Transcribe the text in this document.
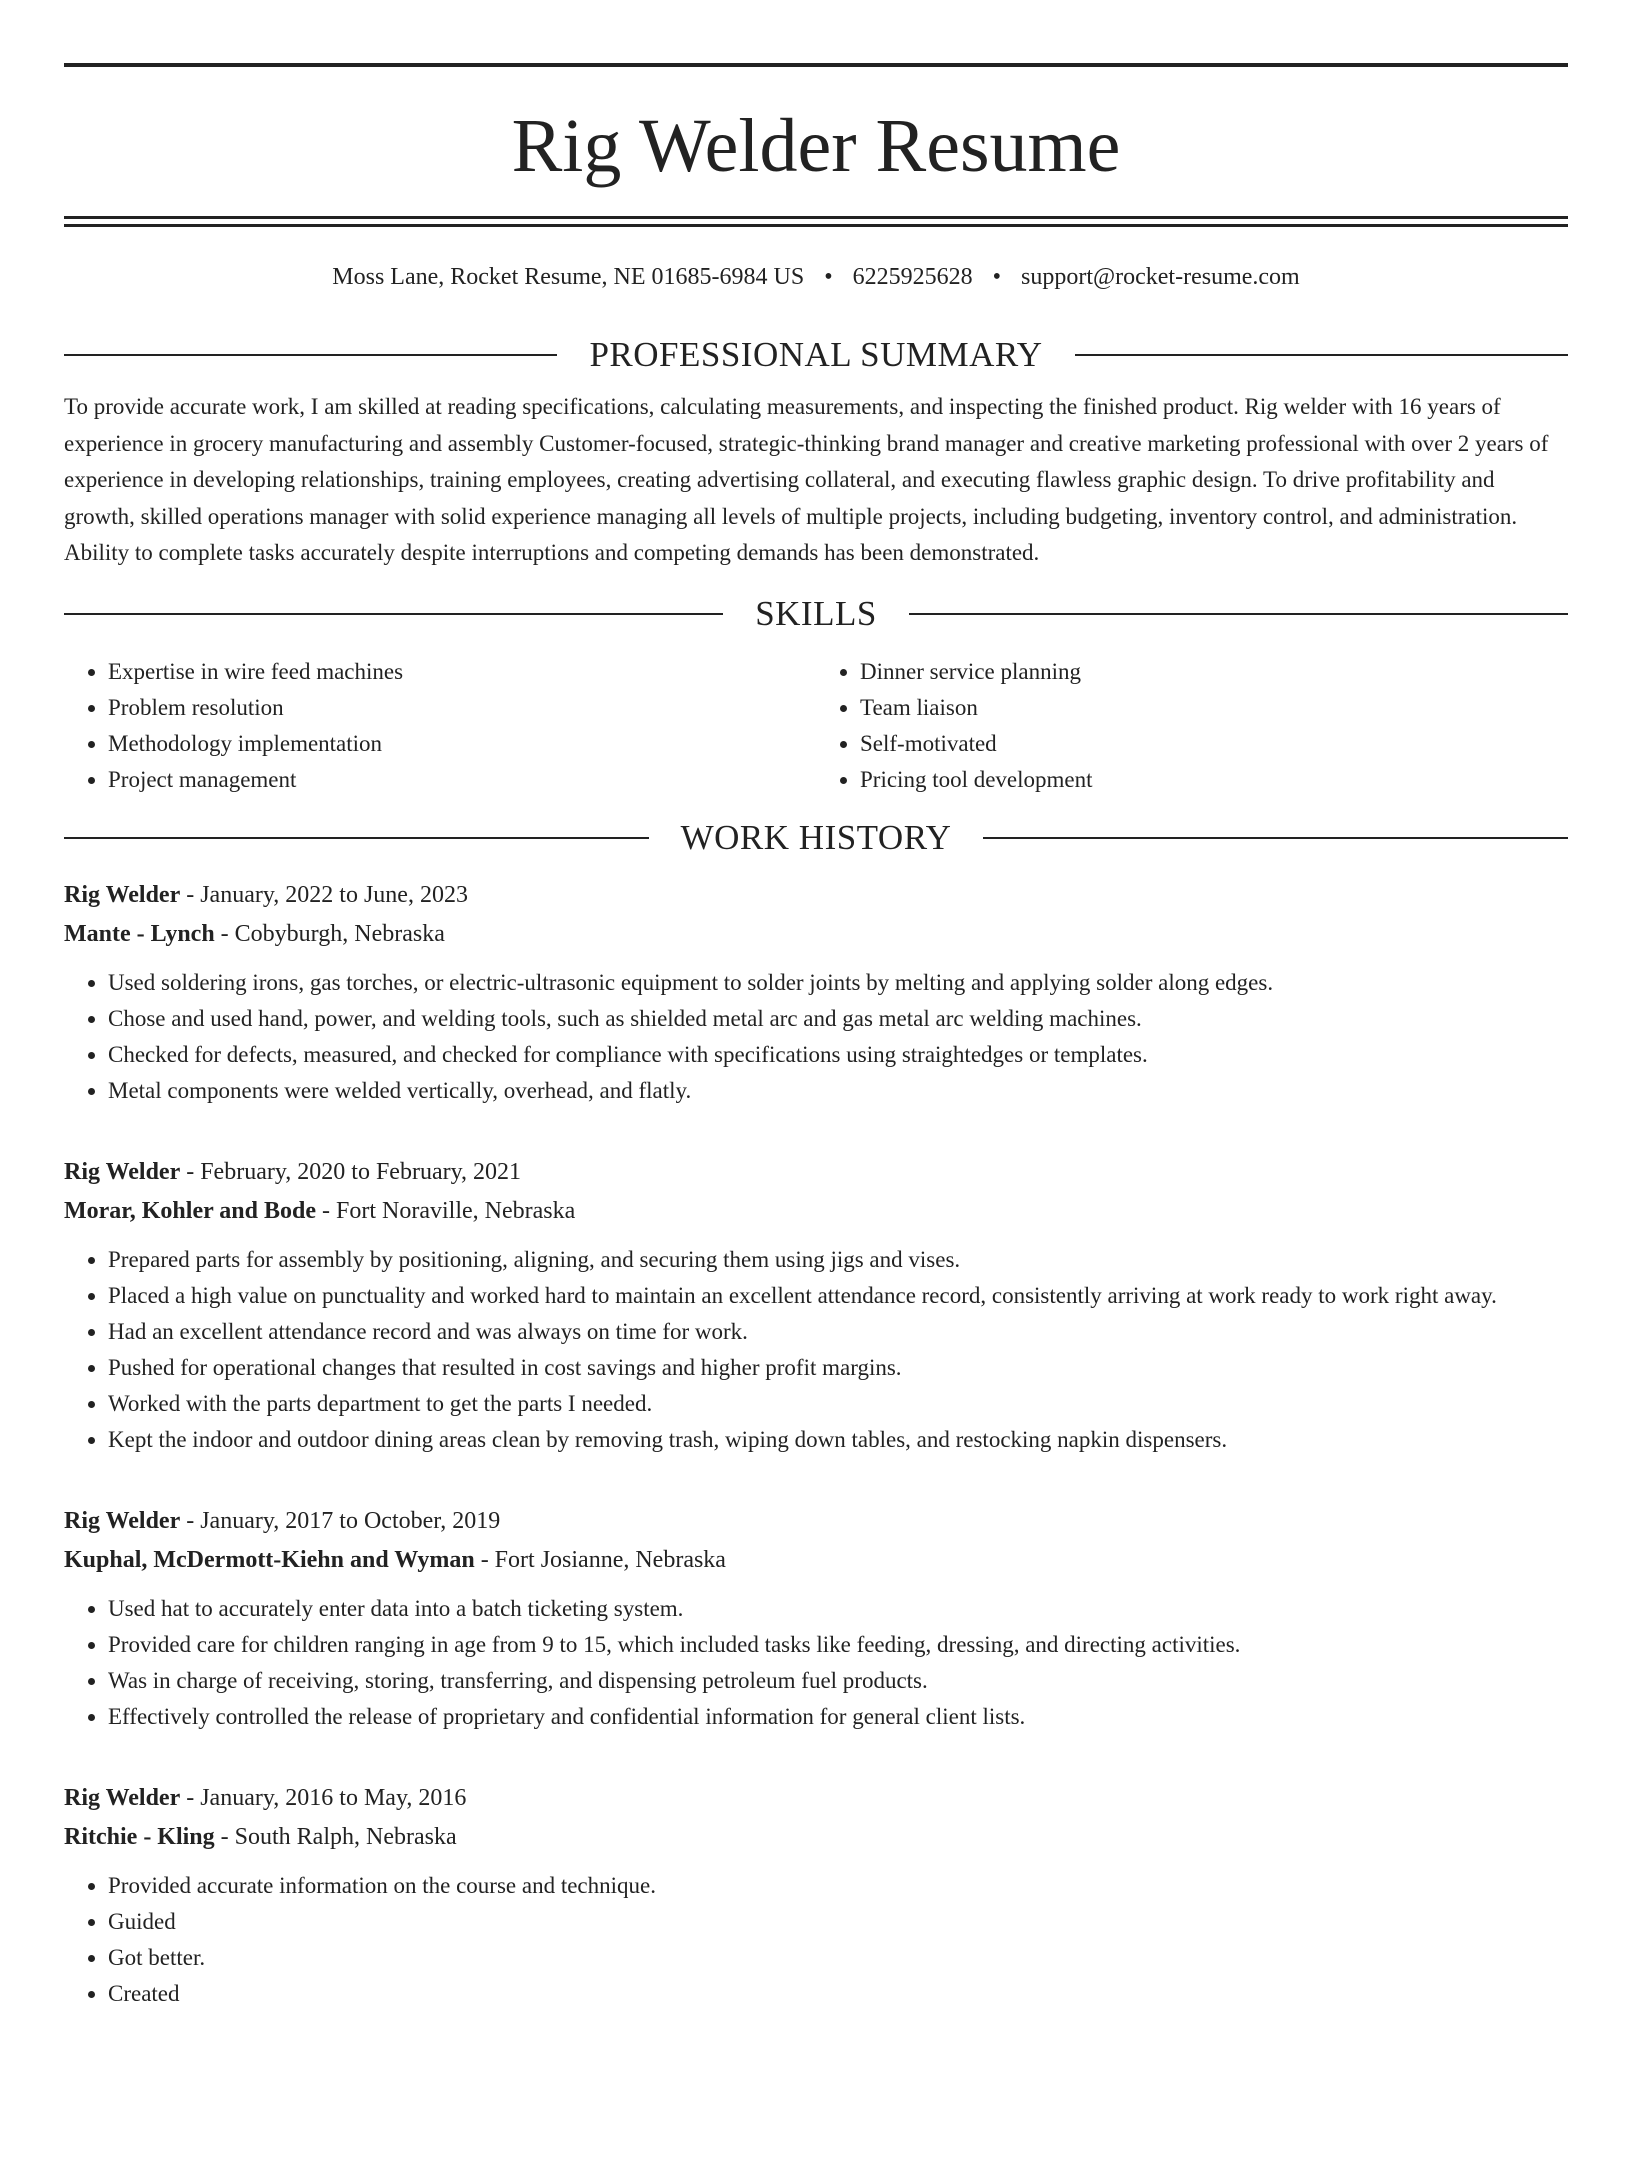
Rig Welder Resume
Moss Lane, Rocket Resume, NE 01685-6984 US • 6225925628 • support@rocket-resume.com
PROFESSIONAL SUMMARY
To provide accurate work, I am skilled at reading specifications, calculating measurements, and inspecting the finished product. Rig welder with 16 years of experience in grocery manufacturing and assembly Customer-focused, strategic-thinking brand manager and creative marketing professional with over 2 years of experience in developing relationships, training employees, creating advertising collateral, and executing flawless graphic design. To drive profitability and growth, skilled operations manager with solid experience managing all levels of multiple projects, including budgeting, inventory control, and administration. Ability to complete tasks accurately despite interruptions and competing demands has been demonstrated.
SKILLS
• Expertise in wire feed machines
• Problem resolution
• Methodology implementation
• Project management
• Dinner service planning
• Team liaison
• Self-motivated
• Pricing tool development
WORK HISTORY
Rig Welder - January, 2022 to June, 2023
Mante - Lynch - Cobyburgh, Nebraska
• Used soldering irons, gas torches, or electric-ultrasonic equipment to solder joints by melting and applying solder along edges.
• Chose and used hand, power, and welding tools, such as shielded metal arc and gas metal arc welding machines.
• Checked for defects, measured, and checked for compliance with specifications using straightedges or templates.
• Metal components were welded vertically, overhead, and flatly.
Rig Welder - February, 2020 to February, 2021
Morar, Kohler and Bode - Fort Noraville, Nebraska
• Prepared parts for assembly by positioning, aligning, and securing them using jigs and vises.
• Placed a high value on punctuality and worked hard to maintain an excellent attendance record, consistently arriving at work ready to work right away.
• Had an excellent attendance record and was always on time for work.
• Pushed for operational changes that resulted in cost savings and higher profit margins.
• Worked with the parts department to get the parts I needed.
• Kept the indoor and outdoor dining areas clean by removing trash, wiping down tables, and restocking napkin dispensers.
Rig Welder - January, 2017 to October, 2019
Kuphal, McDermott-Kiehn and Wyman - Fort Josianne, Nebraska
• Used hat to accurately enter data into a batch ticketing system.
• Provided care for children ranging in age from 9 to 15, which included tasks like feeding, dressing, and directing activities.
• Was in charge of receiving, storing, transferring, and dispensing petroleum fuel products.
• Effectively controlled the release of proprietary and confidential information for general client lists.
Rig Welder - January, 2016 to May, 2016
Ritchie - Kling - South Ralph, Nebraska
• Provided accurate information on the course and technique.
• Guided
• Got better.
• Created
